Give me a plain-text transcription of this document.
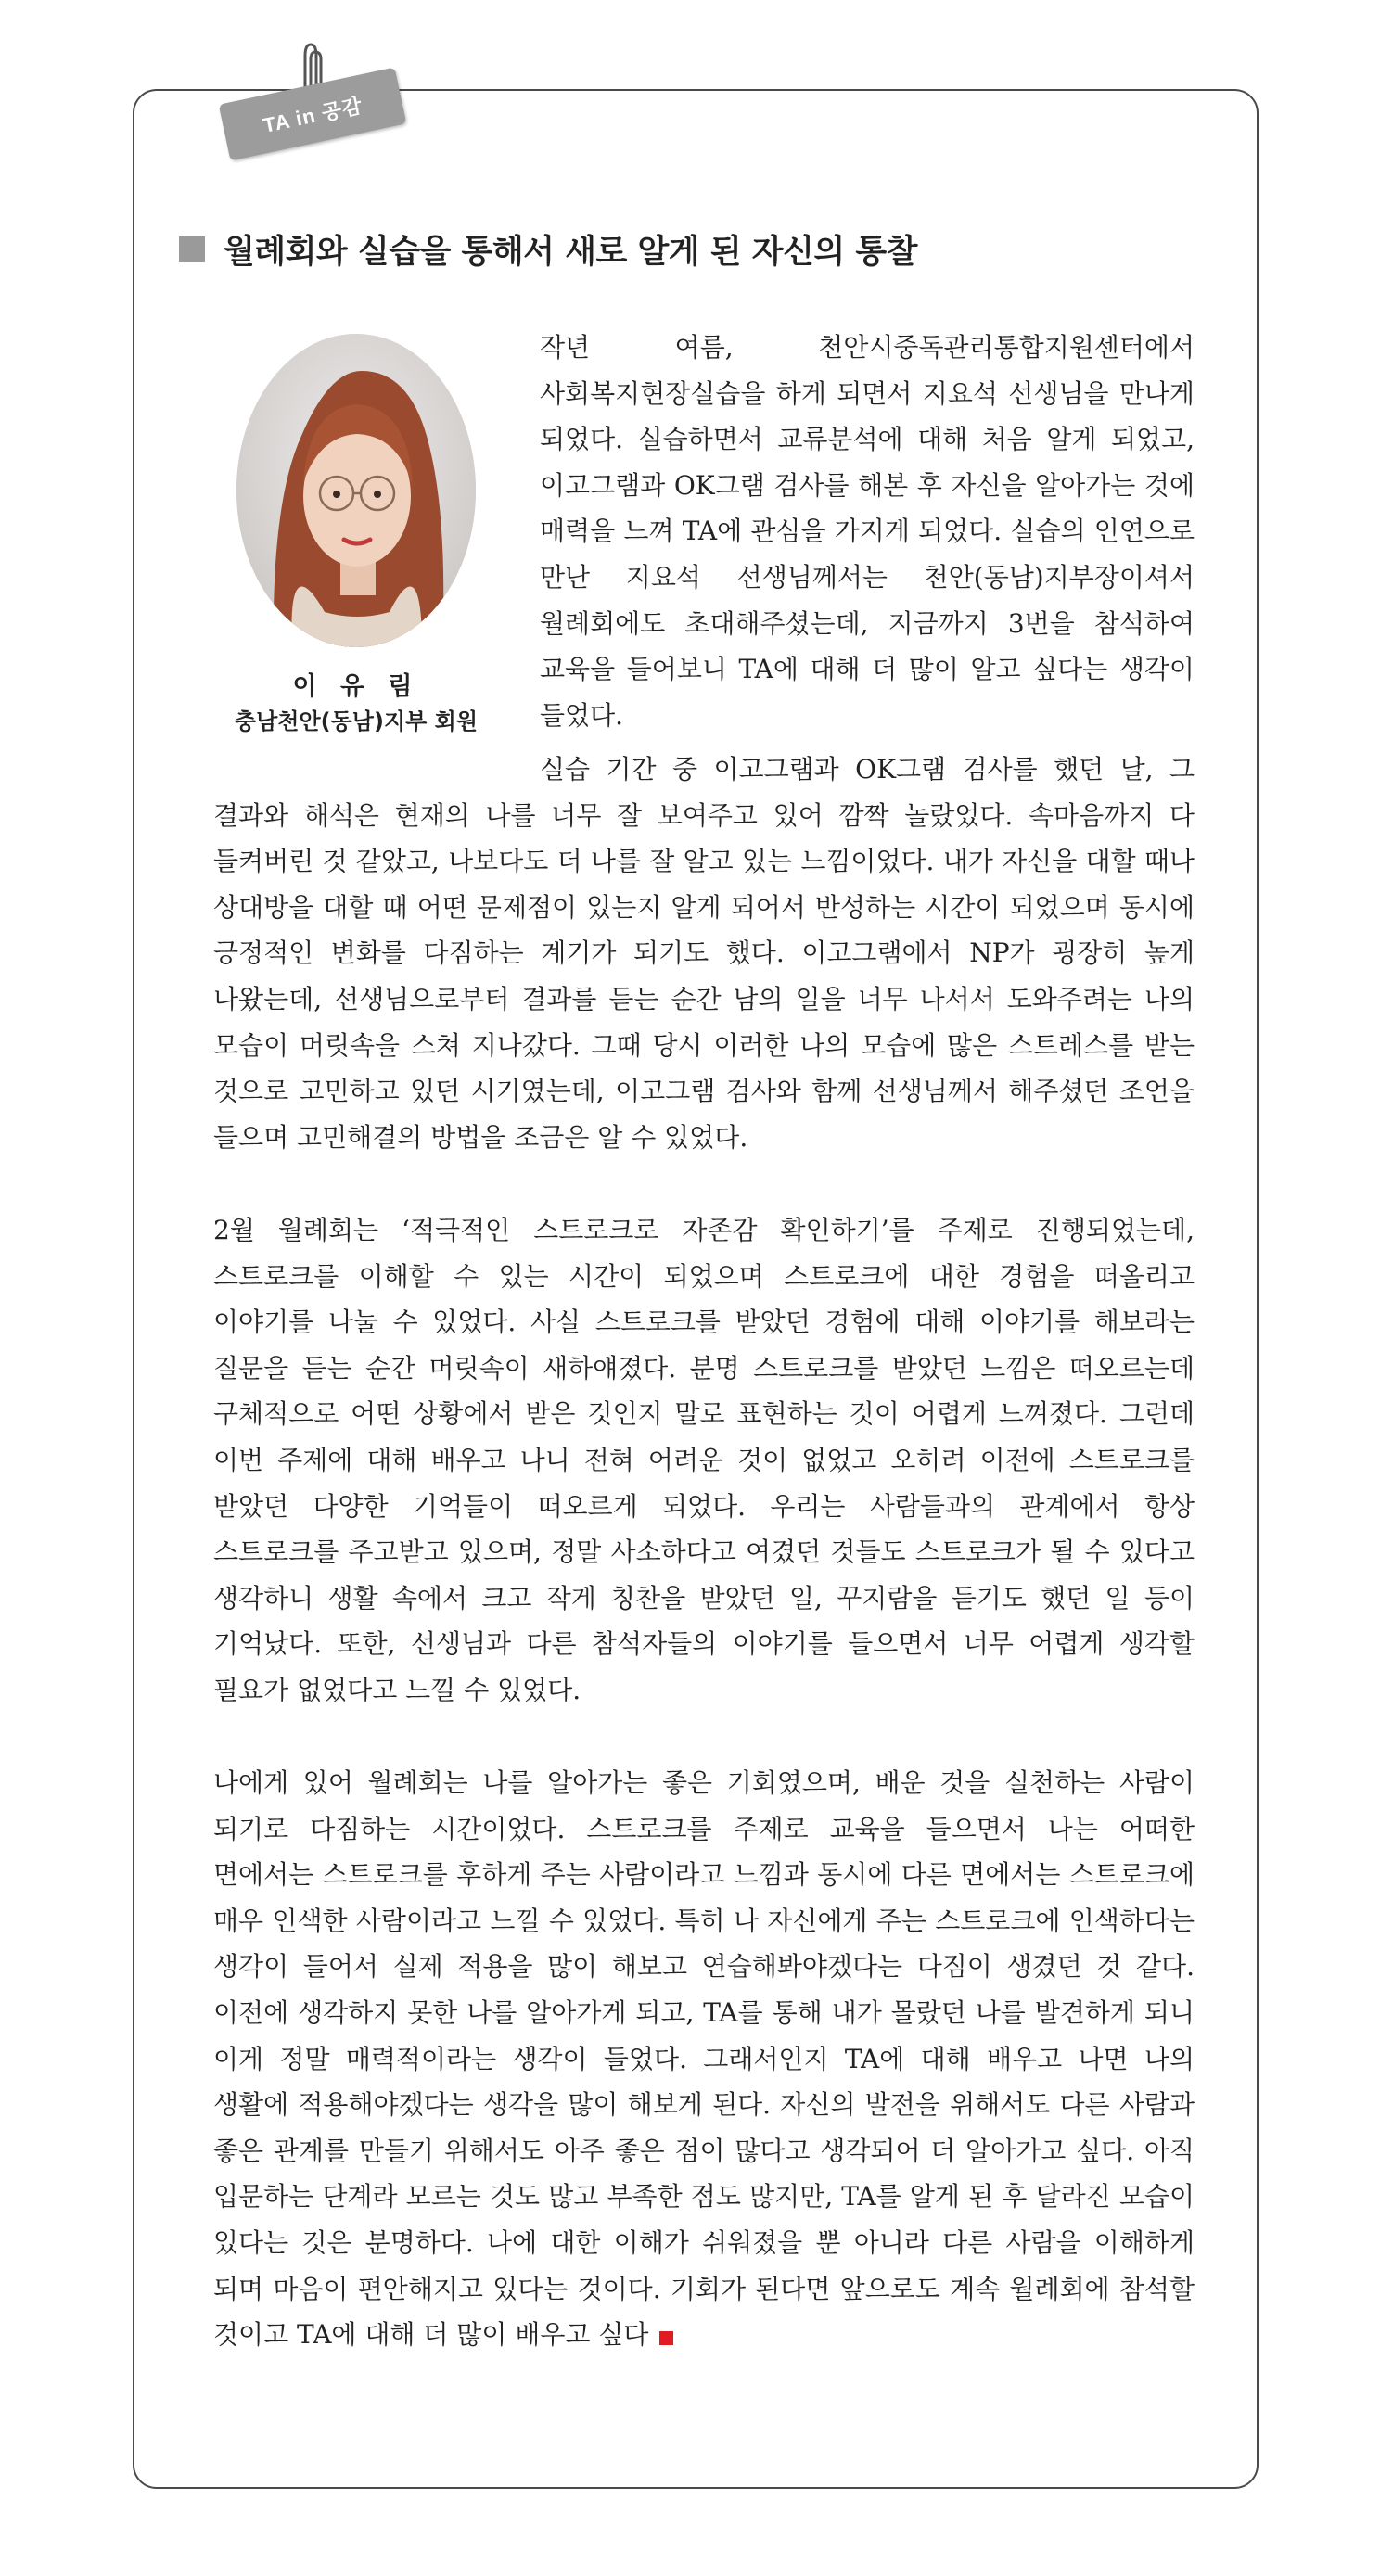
TA in 공감
월례회와 실습을 통해서 새로 알게 된 자신의 통찰
이 유 림
충남천안(동남)지부 회원

작년 여름, 천안시중독관리통합지원센터에서 사회복지현장실습을 하게 되면서 지요석 선생님을 만나게 되었다. 실습하면서 교류분석에 대해 처음 알게 되었고, 이고그램과 OK그램 검사를 해본 후 자신을 알아가는 것에 매력을 느껴 TA에 관심을 가지게 되었다. 실습의 인연으로 만난 지요석 선생님께서는 천안(동남)지부장이셔서 월례회에도 초대해주셨는데, 지금까지 3번을 참석하여 교육을 들어보니 TA에 대해 더 많이 알고 싶다는 생각이 들었다.

실습 기간 중 이고그램과 OK그램 검사를 했던 날, 그 결과와 해석은 현재의 나를 너무 잘 보여주고 있어 깜짝 놀랐었다. 속마음까지 다 들켜버린 것 같았고, 나보다도 더 나를 잘 알고 있는 느낌이었다. 내가 자신을 대할 때나 상대방을 대할 때 어떤 문제점이 있는지 알게 되어서 반성하는 시간이 되었으며 동시에 긍정적인 변화를 다짐하는 계기가 되기도 했다. 이고그램에서 NP가 굉장히 높게 나왔는데, 선생님으로부터 결과를 듣는 순간 남의 일을 너무 나서서 도와주려는 나의 모습이 머릿속을 스쳐 지나갔다. 그때 당시 이러한 나의 모습에 많은 스트레스를 받는 것으로 고민하고 있던 시기였는데, 이고그램 검사와 함께 선생님께서 해주셨던 조언을 들으며 고민해결의 방법을 조금은 알 수 있었다.

2월 월례회는 ‘적극적인 스트로크로 자존감 확인하기’를 주제로 진행되었는데, 스트로크를 이해할 수 있는 시간이 되었으며 스트로크에 대한 경험을 떠올리고 이야기를 나눌 수 있었다. 사실 스트로크를 받았던 경험에 대해 이야기를 해보라는 질문을 듣는 순간 머릿속이 새하얘졌다. 분명 스트로크를 받았던 느낌은 떠오르는데 구체적으로 어떤 상황에서 받은 것인지 말로 표현하는 것이 어렵게 느껴졌다. 그런데 이번 주제에 대해 배우고 나니 전혀 어려운 것이 없었고 오히려 이전에 스트로크를 받았던 다양한 기억들이 떠오르게 되었다. 우리는 사람들과의 관계에서 항상 스트로크를 주고받고 있으며, 정말 사소하다고 여겼던 것들도 스트로크가 될 수 있다고 생각하니 생활 속에서 크고 작게 칭찬을 받았던 일, 꾸지람을 듣기도 했던 일 등이 기억났다. 또한, 선생님과 다른 참석자들의 이야기를 들으면서 너무 어렵게 생각할 필요가 없었다고 느낄 수 있었다.

나에게 있어 월례회는 나를 알아가는 좋은 기회였으며, 배운 것을 실천하는 사람이 되기로 다짐하는 시간이었다. 스트로크를 주제로 교육을 들으면서 나는 어떠한 면에서는 스트로크를 후하게 주는 사람이라고 느낌과 동시에 다른 면에서는 스트로크에 매우 인색한 사람이라고 느낄 수 있었다. 특히 나 자신에게 주는 스트로크에 인색하다는 생각이 들어서 실제 적용을 많이 해보고 연습해봐야겠다는 다짐이 생겼던 것 같다. 이전에 생각하지 못한 나를 알아가게 되고, TA를 통해 내가 몰랐던 나를 발견하게 되니 이게 정말 매력적이라는 생각이 들었다. 그래서인지 TA에 대해 배우고 나면 나의 생활에 적용해야겠다는 생각을 많이 해보게 된다. 자신의 발전을 위해서도 다른 사람과 좋은 관계를 만들기 위해서도 아주 좋은 점이 많다고 생각되어 더 알아가고 싶다. 아직 입문하는 단계라 모르는 것도 많고 부족한 점도 많지만, TA를 알게 된 후 달라진 모습이 있다는 것은 분명하다. 나에 대한 이해가 쉬워졌을 뿐 아니라 다른 사람을 이해하게 되며 마음이 편안해지고 있다는 것이다. 기회가 된다면 앞으로도 계속 월례회에 참석할 것이고 TA에 대해 더 많이 배우고 싶다
